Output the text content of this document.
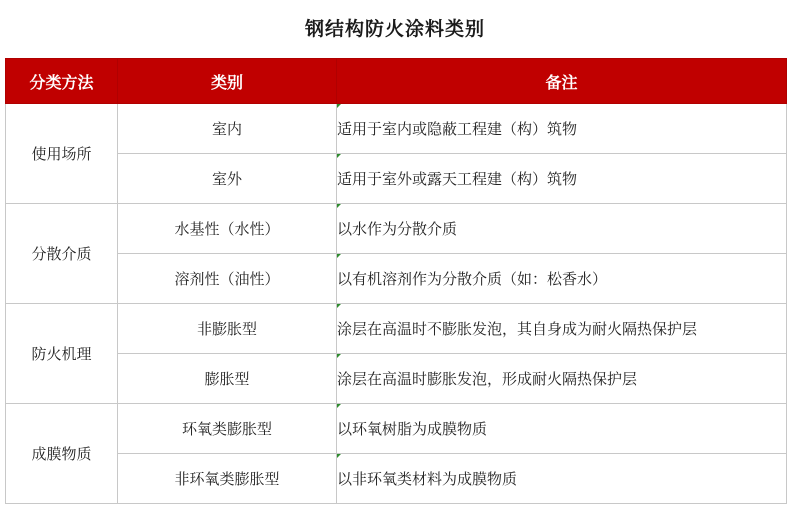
钢结构防火涂料类别
分类方法	类别	备注
使用场所	室内	适用于室内或隐蔽工程建（构）筑物
	室外	适用于室外或露天工程建（构）筑物
分散介质	水基性（水性）	以水作为分散介质
	溶剂性（油性）	以有机溶剂作为分散介质（如：松香水）
防火机理	非膨胀型	涂层在高温时不膨胀发泡，其自身成为耐火隔热保护层
	膨胀型	涂层在高温时膨胀发泡，形成耐火隔热保护层
成膜物质	环氧类膨胀型	以环氧树脂为成膜物质
	非环氧类膨胀型	以非环氧类材料为成膜物质
